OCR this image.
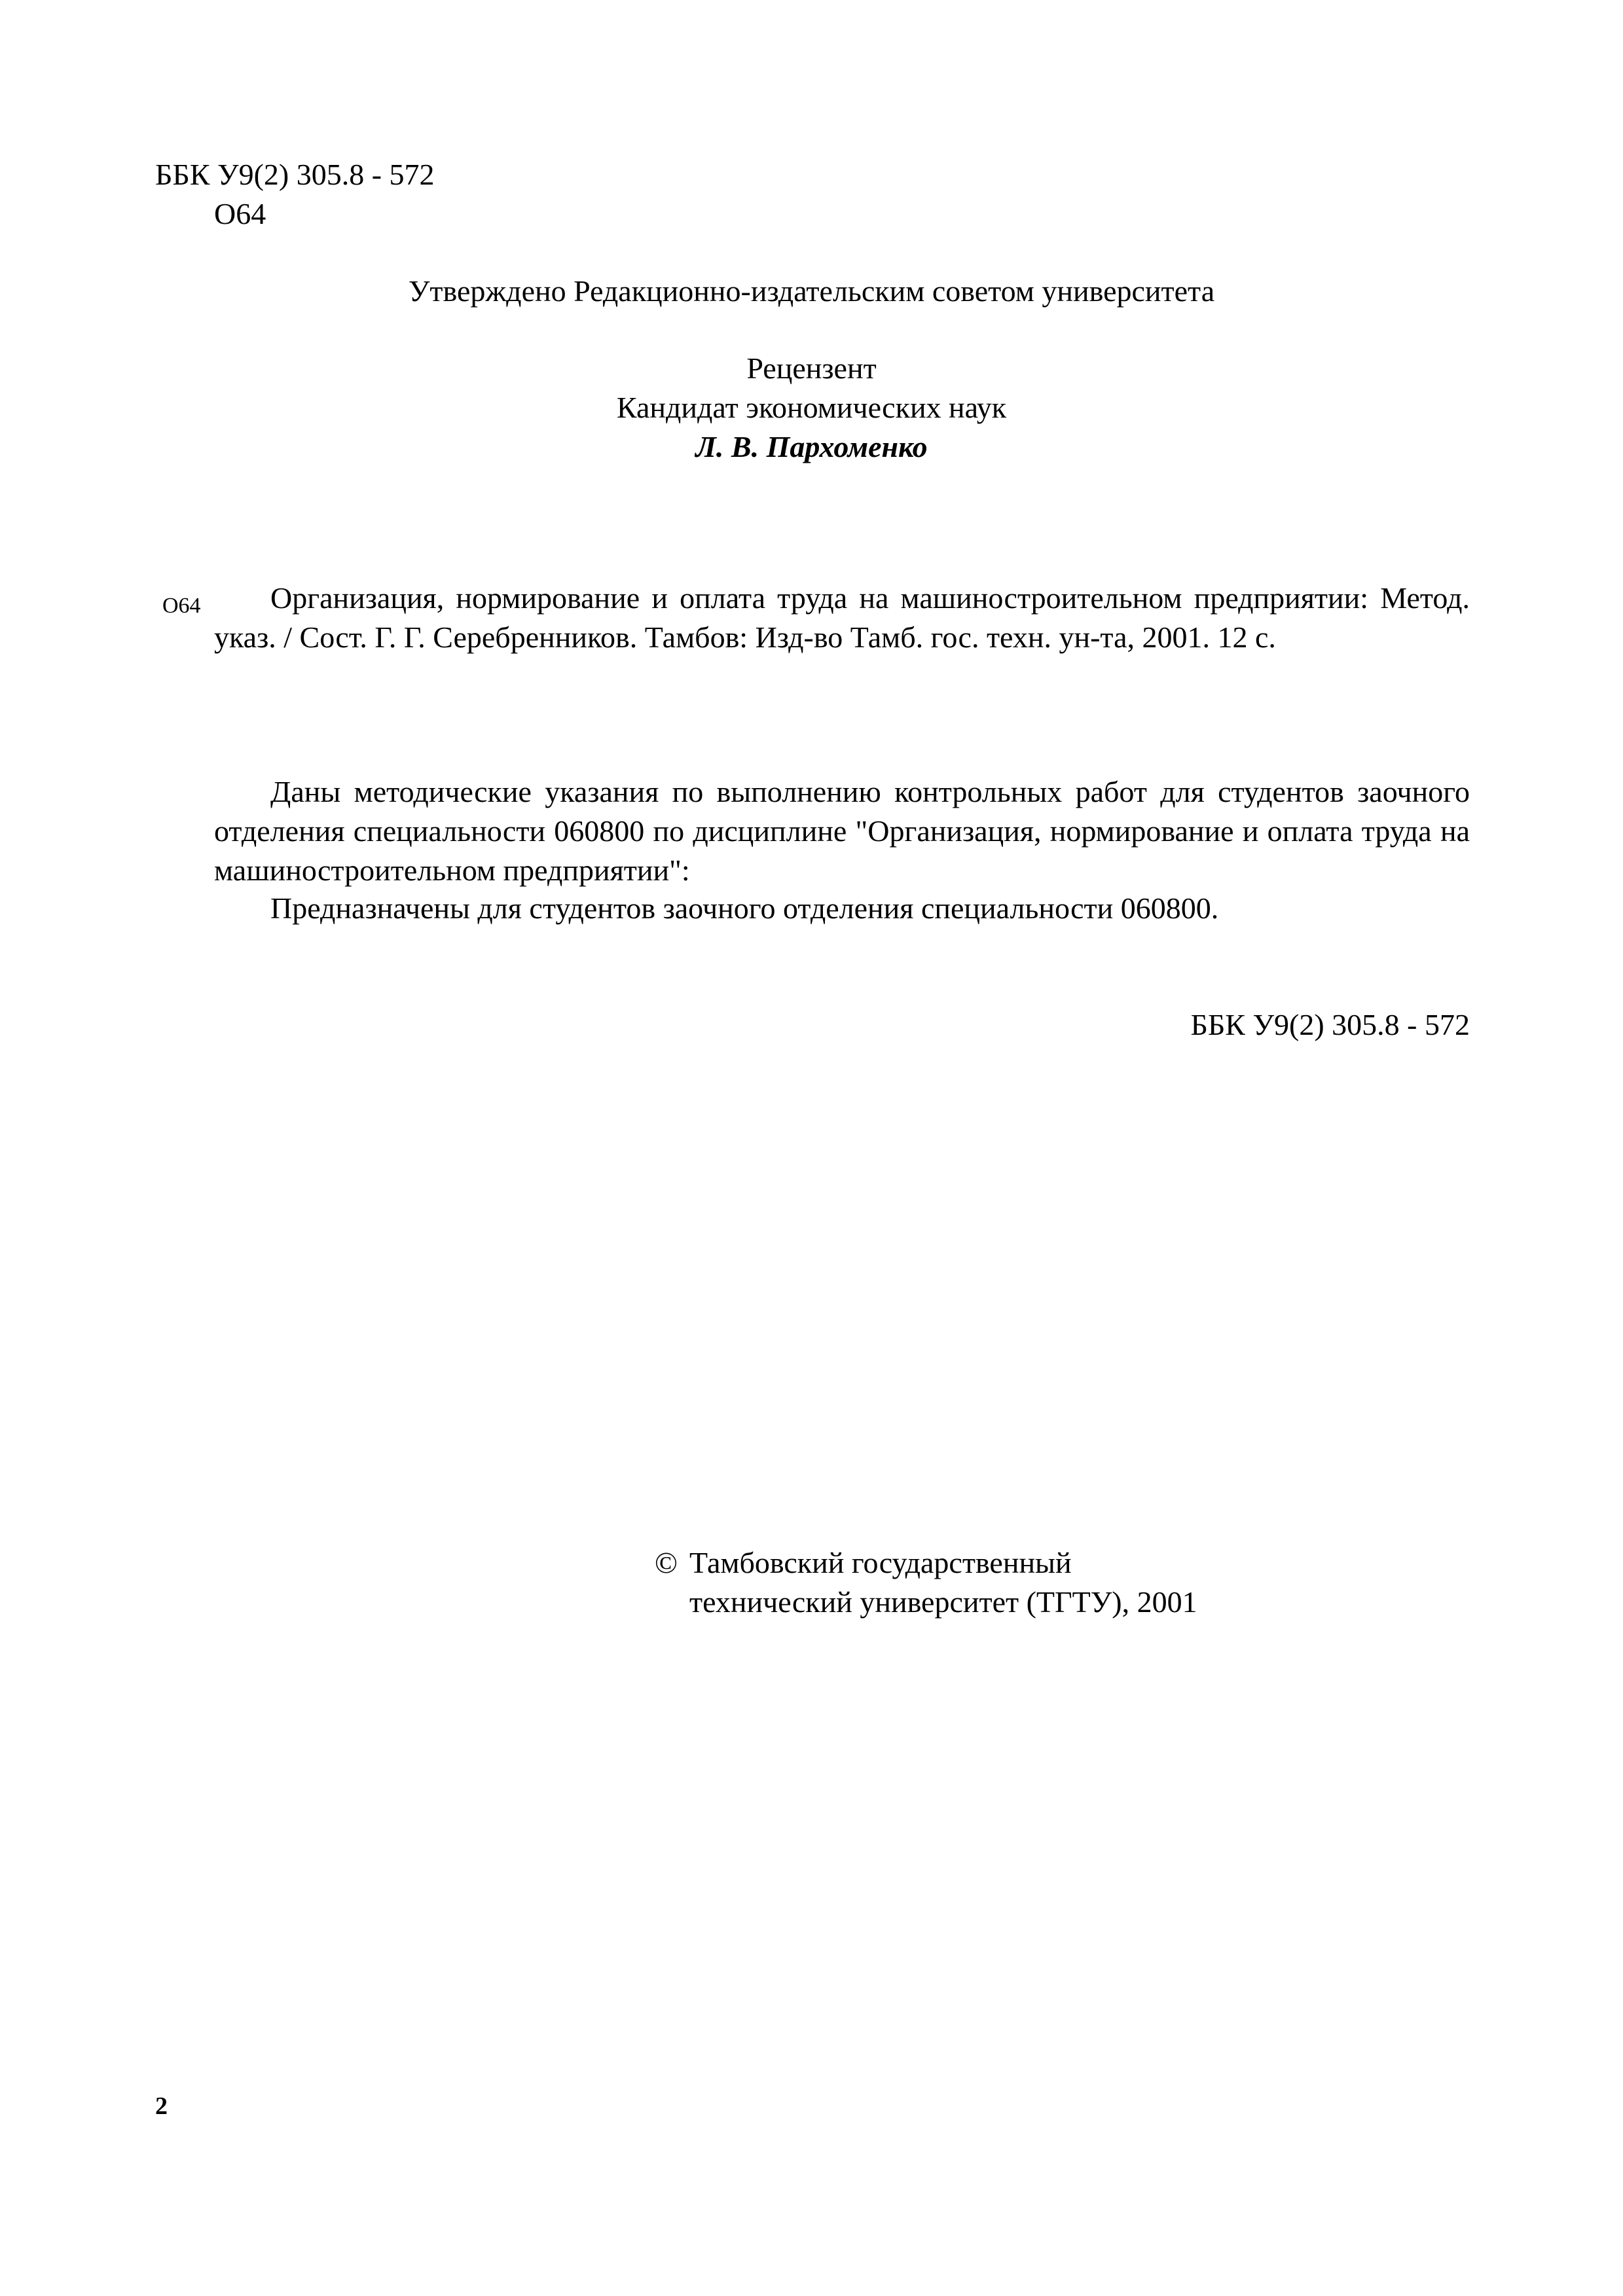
ББК У9(2) 305.8 - 572
О64
Утверждено Редакционно-издательским советом университета
Рецензент
Кандидат экономических наук
Л. В. Пархоменко
О64	Организация, нормирование и оплата труда на машиностроительном предприятии: Метод. указ. / Сост. Г. Г. Серебренников. Тамбов: Изд-во Тамб. гос. техн. ун-та, 2001. 12 с.
Даны методические указания по выполнению контрольных работ для студентов заочного отделения специальности 060800 по дисциплине "Организация, нормирование и оплата труда на машиностроительном предприятии":
Предназначены для студентов заочного отделения специальности 060800.
ББК У9(2) 305.8 - 572
© Тамбовский государственный
технический университет (ТГТУ), 2001
2
